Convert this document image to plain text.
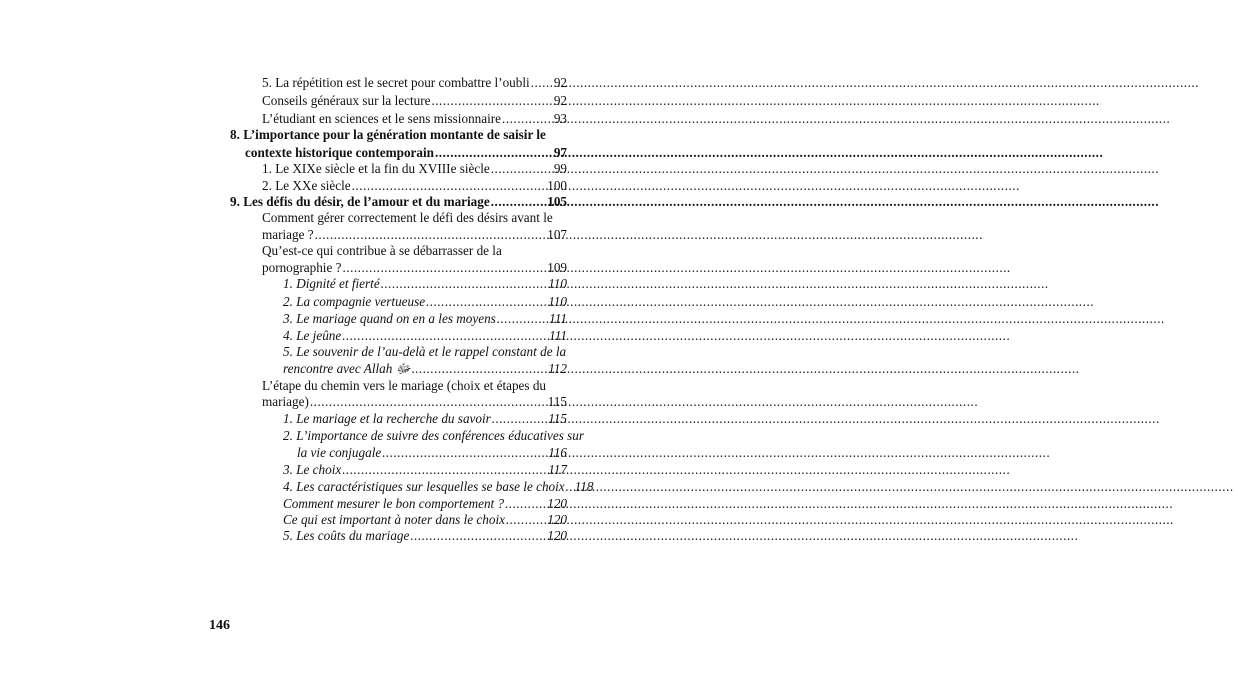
5. La répétition est le secret pour combattre l’oubli ..... 92
Conseils généraux sur la lecture .....	92
L’étudiant en sciences et le sens missionnaire .....	93
8. L’importance pour la génération montante de saisir le
contexte historique contemporain .....	97
1. Le XIXe siècle et la fin du XVIIIe siècle .....	99
2. Le XXe siècle .....	100
9. Les défis du désir, de l’amour et du mariage .....	105
Comment gérer correctement le défi des désirs avant le
mariage ? .....	107
Qu’est-ce qui contribue à se débarrasser de la
pornographie ? .....	109
1. Dignité et fierté .....	110
2. La compagnie vertueuse .....	110
3. Le mariage quand on en a les moyens .....	111
4. Le jeûne .....	111
5. Le souvenir de l’au-delà et le rappel constant de la
rencontre avec Allah ﷻ .....	112
L’étape du chemin vers le mariage (choix et étapes du
mariage) .....	115
1. Le mariage et la recherche du savoir .....	115
2. L’importance de suivre des conférences éducatives sur
la vie conjugale .....	116
3. Le choix .....	117
4. Les caractéristiques sur lesquelles se base le choix ..... 118
Comment mesurer le bon comportement ? .....	120
Ce qui est important à noter dans le choix .....	120
5. Les coûts du mariage .....	120
146
